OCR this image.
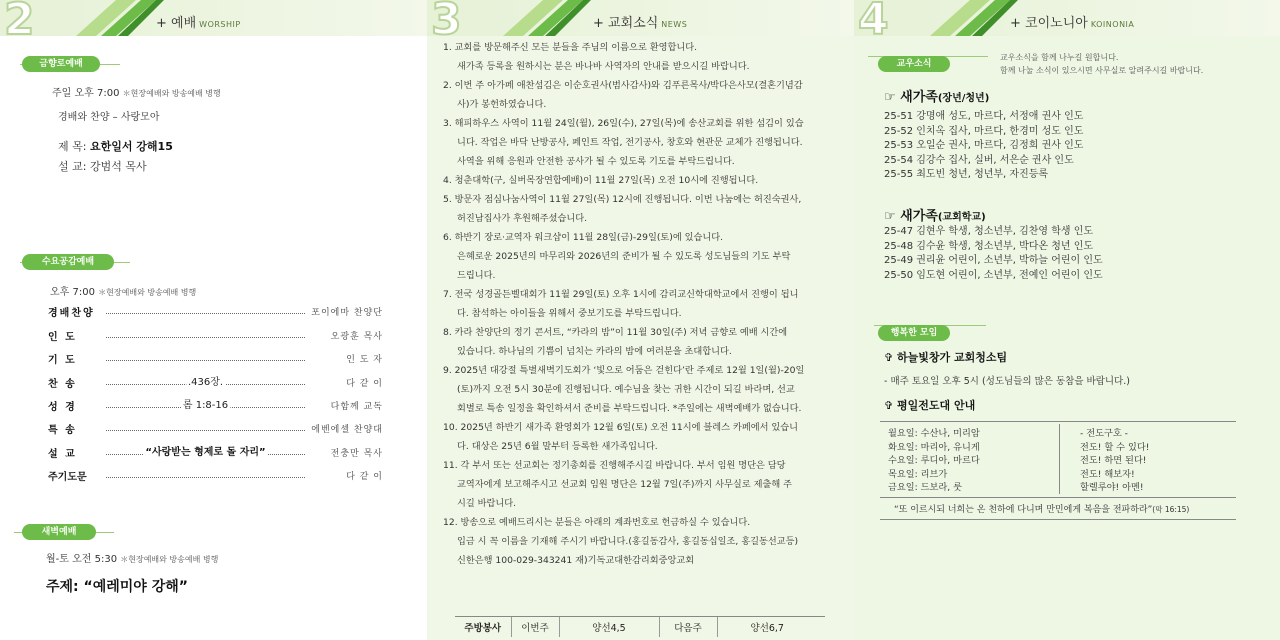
2	+ 예배 WORSHIP
금향로예배
주일 오후 7:00 ＊현장예배와 방송예배 병행
경배와 찬양 – 사랑모아
제 목: 요한일서 강해15
설 교: 강범석 목사
수요공감예배
오후 7:00 ＊현장예배와 방송예배 병행
경배찬양	포이에마 찬양단
인 도	오광훈 목사
기 도	인 도 자
찬 송	.436장.	다 같 이
성 경	롬 1:8-16	다함께 교독
특 송	에벤에셀 찬양대
설 교	“사랑받는 형제로 돌 자리”	전충만 목사
주기도문	다 같 이
새벽예배
월-토 오전 5:30 ＊현장예배와 방송예배 병행
주제: “예레미야 강해”
3	+ 교회소식 NEWS
1. 교회를 방문해주신 모든 분들을 주님의 이름으로 환영합니다.
새가족 등록을 원하시는 분은 바나바 사역자의 안내를 받으시길 바랍니다.
2. 이번 주 아가페 애찬섬김은 이순호권사(범사감사)와 김푸른목사/박다은사모(결혼기념감
사)가 봉헌하였습니다.
3. 해피하우스 사역이 11월 24일(월), 26일(수), 27일(목)에 송산교회를 위한 섬김이 있습
니다. 작업은 바닥 난방공사, 페인트 작업, 전기공사, 창호와 현관문 교체가 진행됩니다.
사역을 위해 응원과 안전한 공사가 될 수 있도록 기도를 부탁드립니다.
4. 청춘대학(구, 실버목장연합예배)이 11월 27일(목) 오전 10시에 진행됩니다.
5. 방문자 점심나눔사역이 11월 27일(목) 12시에 진행됩니다. 이번 나눔에는 허진숙권사,
허진남집사가 후원해주셨습니다.
6. 하반기 장로·교역자 워크샵이 11월 28일(금)-29일(토)에 있습니다.
은혜로운 2025년의 마무리와 2026년의 준비가 될 수 있도록 성도님들의 기도 부탁
드립니다.
7. 전국 성경골든벨대회가 11월 29일(토) 오후 1시에 감리교신학대학교에서 진행이 됩니
다. 참석하는 아이들을 위해서 중보기도를 부탁드립니다.
8. 카라 찬양단의 정기 콘서트, “카라의 밤”이 11월 30일(주) 저녁 금향로 예배 시간에
있습니다. 하나님의 기쁨이 넘치는 카라의 밤에 여러분을 초대합니다.
9. 2025년 대강절 특별새벽기도회가 ‘빛으로 어둠은 걷힌다’란 주제로 12월 1일(월)-20일
(토)까지 오전 5시 30분에 진행됩니다. 예수님을 찾는 귀한 시간이 되길 바라며, 선교
회별로 특송 일정을 확인하셔서 준비를 부탁드립니다. *주일에는 새벽예배가 없습니다.
10. 2025년 하반기 새가족 환영회가 12월 6일(토) 오전 11시에 블레스 카페에서 있습니
다. 대상은 25년 6월 말부터 등록한 새가족입니다.
11. 각 부서 또는 선교회는 정기총회를 진행해주시길 바랍니다. 부서 임원 명단은 담당
교역자에게 보고해주시고 선교회 임원 명단은 12월 7일(주)까지 사무실로 제출해 주
시길 바랍니다.
12. 방송으로 예배드리시는 분들은 아래의 계좌번호로 헌금하실 수 있습니다.
입금 시 꼭 이름을 기재해 주시기 바랍니다.(홍길동감사, 홍길동십일조, 홍길동선교등)
신한은행 100-029-343241 재)기독교대한감리회중앙교회
주방봉사	이번주	양선4,5	다음주	양선6,7
4	+ 코이노니아 KOINONIA
교우소식
교우소식을 함께 나누길 원합니다.
함께 나눌 소식이 있으시면 사무실로 알려주시길 바랍니다.
☞ 새가족(장년/청년)
25-51 강명애 성도, 마르다, 서정애 권사 인도
25-52 인치옥 집사, 마르다, 한경미 성도 인도
25-53 오일순 권사, 마르다, 김정희 권사 인도
25-54 김강수 집사, 실버, 서은순 권사 인도
25-55 최도빈 청년, 청년부, 자진등록
☞ 새가족(교회학교)
25-47 김현우 학생, 청소년부, 김찬영 학생 인도
25-48 김수윤 학생, 청소년부, 박다온 청년 인도
25-49 권리윤 어린이, 소년부, 박하늘 어린이 인도
25-50 임도현 어린이, 소년부, 전예인 어린이 인도
행복한 모임
✞ 하늘빛창가 교회청소팀
- 매주 토요일 오후 5시 (성도님들의 많은 동참을 바랍니다.)
✞ 평일전도대 안내
월요일: 수산나, 미리암
화요일: 마리아, 유니게
수요일: 루디아, 마르다
목요일: 리브가
금요일: 드보라, 룻
- 전도구호 -
전도! 할 수 있다!
전도! 하면 된다!
전도! 해보자!
할렐루야! 아멘!
“또 이르시되 너희는 온 천하에 다니며 만민에게 복음을 전파하라”(막 16:15)
